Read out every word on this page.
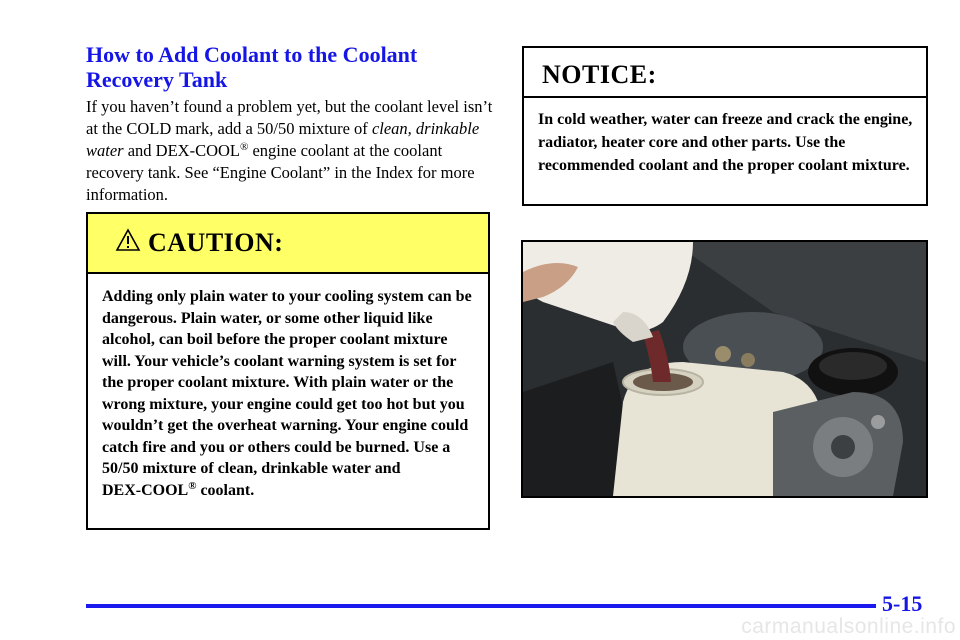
How to Add Coolant to the Coolant Recovery Tank
If you haven’t found a problem yet, but the coolant level isn’t at the COLD mark, add a 50/50 mixture of clean, drinkable water and DEX‑COOL® engine coolant at the coolant recovery tank. See “Engine Coolant” in the Index for more information.
CAUTION:
Adding only plain water to your cooling system can be dangerous. Plain water, or some other liquid like alcohol, can boil before the proper coolant mixture will. Your vehicle’s coolant warning system is set for the proper coolant mixture. With plain water or the wrong mixture, your engine could get too hot but you wouldn’t get the overheat warning. Your engine could catch fire and you or others could be burned. Use a 50/50 mixture of clean, drinkable water and DEX‑COOL® coolant.
NOTICE:
In cold weather, water can freeze and crack the engine, radiator, heater core and other parts. Use the recommended coolant and the proper coolant mixture.
5-15
carmanualsonline.info
